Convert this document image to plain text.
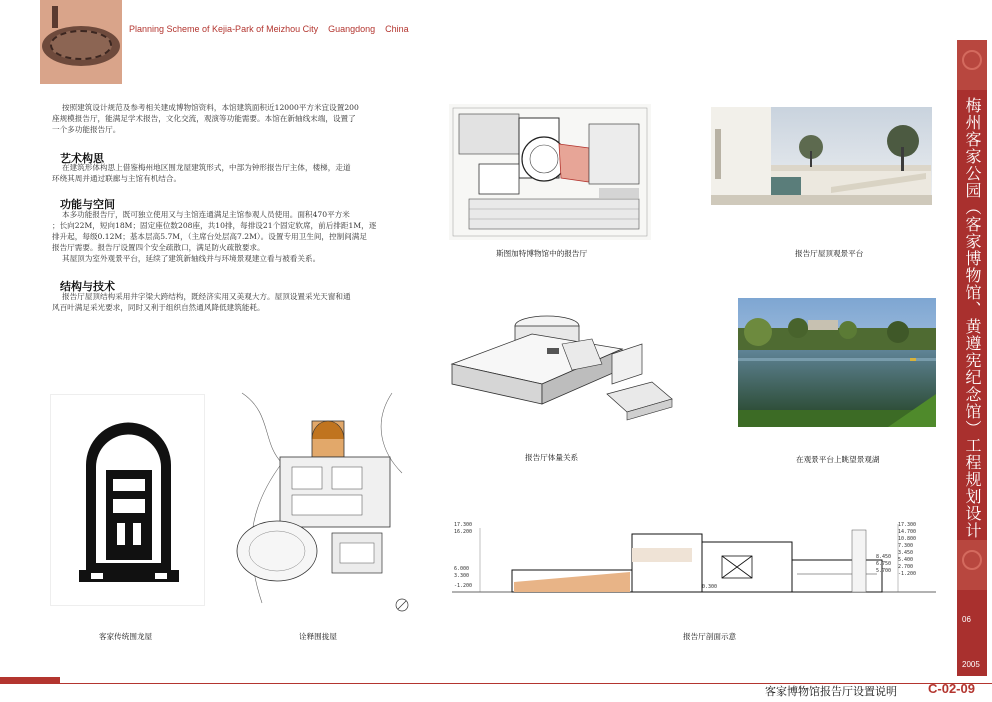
Planning Scheme of Kejia-Park of Meizhou City    Guangdong    China
按照建筑设计规范及参考相关建成博物馆资料，本馆建筑面积近12000平方米宜设置200
座规模报告厅，能满足学术报告，文化交流，观演等功能需要。本馆在新轴线末端，设置了
一个多功能报告厅。
艺术构思
在建筑形体构思上借鉴梅州地区围龙屋建筑形式，中部为钟形报告厅主体，楼梯，走道
环绕其周并通过联廊与主馆有机结合。
功能与空间
本多功能报告厅，既可独立使用又与主馆连通满足主馆参观人员使用。面积470平方米
；长向22M，短向18M；固定座位数208座，共10排，每排设21个固定软席，前后排距1M，逐
排升起，每级0.12M；基本层高5.7M，（主席台处层高7.2M）。设置专用卫生间，控制间满足
报告厅需要。报告厅设置四个安全疏散口，满足防火疏散要求。
其屋顶为室外观景平台，延续了建筑新轴线并与环境景观建立看与被看关系。
结构与技术
报告厅屋顶结构采用井字梁大跨结构，既经济实用又美观大方。屋顶设置采光天窗和通
风百叶满足采光要求，同时又利于组织自然通风降低建筑能耗。
斯图加特博物馆中的报告厅	报告厅屋顶观景平台
报告厅体量关系	在观景平台上眺望景观湖
客家传统围龙屋	诠释围拢屋
17.300
16.200
6.000
3.300
-1.200
17.300
14.700
10.800
7.300
3.450
5.400
2.700
-1.200
8.450
6.750
5.700
0.300
报告厅剖面示意
梅州客家公园（客家博物馆、黄遵宪纪念馆）工程规划设计
06
2005
客家博物馆报告厅设置说明 C-02-09
